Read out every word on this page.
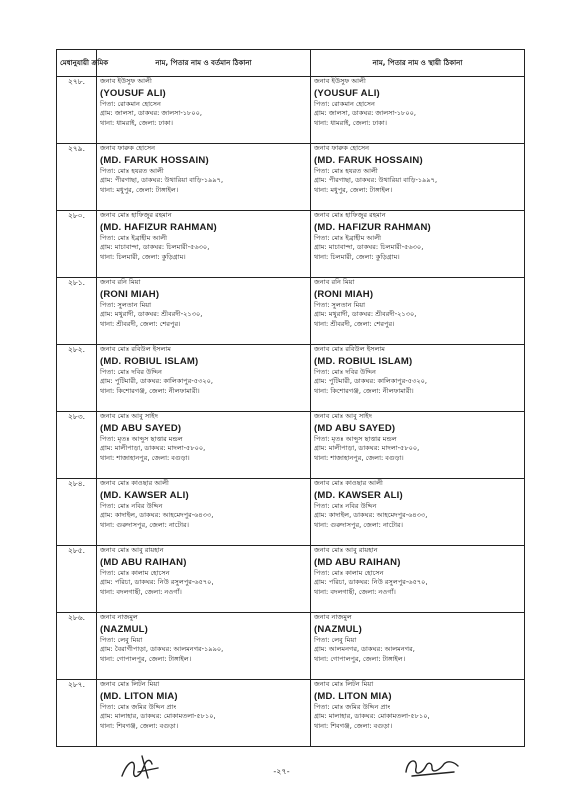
মেধানুযায়ী ক্রমিক	নাম, পিতার নাম ও বর্তমান ঠিকানা	নাম, পিতার নাম ও স্থায়ী ঠিকানা
২৭৮.	জনাব ইউসুফ আলী
(YOUSUF ALI)
পিতা: রোকমান হোসেন
গ্রাম: জালসা, ডাকঘর: জালসা-১৮০০,
থানা: ধামরাই, জেলা: ঢাকা।	জনাব ইউসুফ আলী
(YOUSUF ALI)
পিতা: রোকমান হোসেন
গ্রাম: জালসা, ডাকঘর: জালসা-১৮০০,
থানা: ধামরাই, জেলা: ঢাকা।

২৭৯.	জনাব ফারুক হোসেন
(MD. FARUK HOSSAIN)
পিতা: মোঃ হযরত আলী
গ্রাম: পীরগাছা, ডাকঘর: উথারিয়া বাড়ি-১৯৯৭,
থানা: মধুপুর, জেলা: টাঙ্গাইল।	জনাব ফারুক হোসেন
(MD. FARUK HOSSAIN)
পিতা: মোঃ হযরত আলী
গ্রাম: পীরগাছা, ডাকঘর: উথারিয়া বাড়ি-১৯৯৭,
থানা: মধুপুর, জেলা: টাঙ্গাইল।

২৮০.	জনাব মোঃ হাফিজুর রহমান
(MD. HAFIZUR RAHMAN)
পিতা: মোঃ ইব্রাহীম আলী
গ্রাম: মাচাবান্দা, ডাকঘর: চিলমারী-৫৬৩০,
থানা: চিলমারী, জেলা: কুড়িগ্রাম।	জনাব মোঃ হাফিজুর রহমান
(MD. HAFIZUR RAHMAN)
পিতা: মোঃ ইব্রাহীম আলী
গ্রাম: মাচাবান্দা, ডাকঘর: চিলমারী-৫৬৩০,
থানা: চিলমারী, জেলা: কুড়িগ্রাম।

২৮১.	জনাব রনি মিয়া
(RONI MIAH)
পিতা: সুলতান মিয়া
গ্রাম: মথুরাদী, ডাকঘর: শ্রীবরদী-২১৩০,
থানা: শ্রীবরদী, জেলা: শেরপুর।	জনাব রনি মিয়া
(RONI MIAH)
পিতা: সুলতান মিয়া
গ্রাম: মথুরাদী, ডাকঘর: শ্রীবরদী-২১৩০,
থানা: শ্রীবরদী, জেলা: শেরপুর।

২৮২.	জনাব মোঃ রবিউল ইসলাম
(MD. ROBIUL ISLAM)
পিতা: মোঃ দবির উদ্দিন
গ্রাম: পুটিমারী, ডাকঘর: কালিকাপুর-৫৩২০,
থানা: কিশোরগঞ্জ, জেলা: নীলফামারী।	জনাব মোঃ রবিউল ইসলাম
(MD. ROBIUL ISLAM)
পিতা: মোঃ দবির উদ্দিন
গ্রাম: পুটিমারী, ডাকঘর: কালিকাপুর-৫৩২০,
থানা: কিশোরগঞ্জ, জেলা: নীলফামারী।

২৮৩.	জনাব মোঃ আবু সাইদ
(MD ABU SAYED)
পিতা: মৃতঃ আব্দুস ছাত্তার মন্ডল
গ্রাম: মালীপাড়া, ডাকঘর: মাদলা-৫৮০০,
থানা: শাজাহানপুর, জেলা: বগুড়া।	জনাব মোঃ আবু সাইদ
(MD ABU SAYED)
পিতা: মৃতঃ আব্দুস ছাত্তার মন্ডল
গ্রাম: মালীপাড়া, ডাকঘর: মাদলা-৫৮০০,
থানা: শাজাহানপুর, জেলা: বগুড়া।

২৮৪.	জনাব মোঃ কাওছার আলী
(MD. KAWSER ALI)
পিতা: মোঃ নবির উদ্দিন
গ্রাম: কাদাইল, ডাকঘর: আহমেদপুর-৬৪৩৩,
থানা: গুরুদাসপুর, জেলা: নাটোর।	জনাব মোঃ কাওছার আলী
(MD. KAWSER ALI)
পিতা: মোঃ নবির উদ্দিন
গ্রাম: কাদাইল, ডাকঘর: আহমেদপুর-৬৪৩৩,
থানা: গুরুদাসপুর, জেলা: নাটোর।

২৮৫.	জনাব মোঃ আবু রায়হান
(MD ABU RAIHAN)
পিতা: মোঃ কালাম হোসেন
গ্রাম: পরিচা, ডাকঘর: নিউ রসুলপুর-৬৫৭০,
থানা: বদলগাছী, জেলা: নওগাঁ।	জনাব মোঃ আবু রায়হান
(MD ABU RAIHAN)
পিতা: মোঃ কালাম হোসেন
গ্রাম: পরিচা, ডাকঘর: নিউ রসুলপুর-৬৫৭০,
থানা: বদলগাছী, জেলা: নওগাঁ।

২৮৬.	জনাব নাজমুল
(NAZMUL)
পিতা: লেবু মিয়া
গ্রাম: বৈরাগীপাড়া, ডাকঘর: আলমনগর-১৯৯০,
থানা: গোপালপুর, জেলা: টাঙ্গাইল।	জনাব নাজমুল
(NAZMUL)
পিতা: লেবু মিয়া
গ্রাম: আলমনগর, ডাকঘর: আলমনগর,
থানা: গোপালপুর, জেলা: টাঙ্গাইল।

২৮৭.	জনাব মোঃ লিটন মিয়া
(MD. LITON MIA)
পিতা: মোঃ জমির উদ্দিন প্রাং
গ্রাম: মালাহার, ডাকঘর: মোকামতলা-৫৮১০,
থানা: শিবগঞ্জ, জেলা: বগুড়া।	জনাব মোঃ লিটন মিয়া
(MD. LITON MIA)
পিতা: মোঃ জমির উদ্দিন প্রাং
গ্রাম: মালাহার, ডাকঘর: মোকামতলা-৫৮১০,
থানা: শিবগঞ্জ, জেলা: বগুড়া।
-২৭-
